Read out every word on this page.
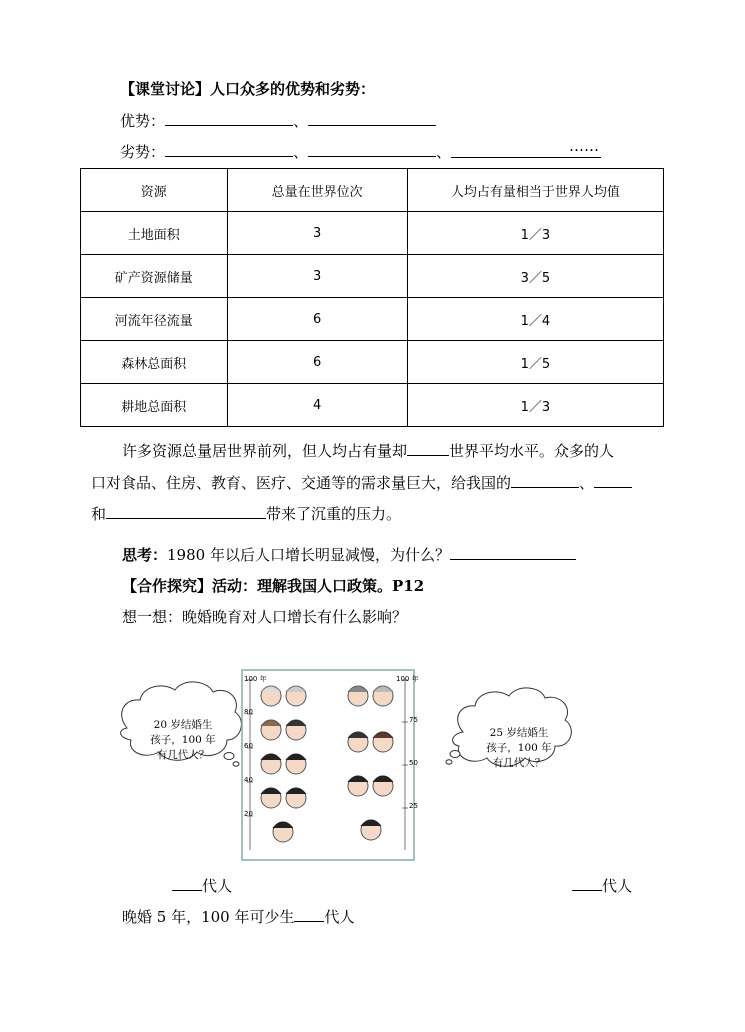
【课堂讨论】人口众多的优势和劣势：
优势：	、
劣势：	、	、	……
资源	总量在世界位次	人均占有量相当于世界人均值
土地面积	3	1／3
矿产资源储量	3	3／5
河流年径流量	6	1／4
森林总面积	6	1／5
耕地总面积	4	1／3
许多资源总量居世界前列，但人均占有量却	世界平均水平。众多的人
口对食品、住房、教育、医疗、交通等的需求量巨大，给我国的	、
和	带来了沉重的压力。
思考：1980 年以后人口增长明显减慢，为什么？
【合作探究】活动：理解我国人口政策。P12
想一想：晚婚晚育对人口增长有什么影响？
20 岁结婚生
孩子，100 年
有几代人？
25 岁结婚生
孩子，100 年
有几代人？
100 年
80
60
40
20
100 年
75
50
25
代人	代人
晚婚 5 年，100 年可少生 代人
